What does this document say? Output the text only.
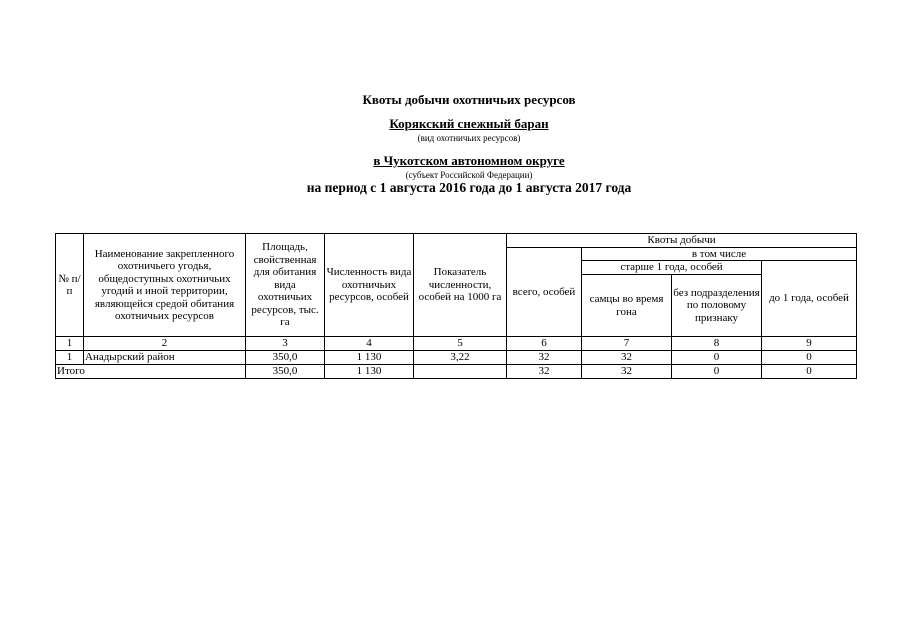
Квоты добычи охотничьих ресурсов
Корякский снежный баран
(вид охотничьих ресурсов)
в Чукотском автономном округе
(субъект Российской Федерации)
на период с 1 августа 2016 года до 1 августа 2017 года
№ п/п	Наименование закрепленного охотничьего угодья, общедоступных охотничьих угодий и иной территории, являющейся средой обитания охотничьих ресурсов	Площадь, свойственная для обитания вида охотничьих ресурсов, тыс. га	Численность вида охотничьих ресурсов, особей	Показатель численности, особей на 1000 га	Квоты добычи			
					всего, особей	в том числе		
						старше 1 года, особей		до 1 года, особей
						самцы во время гона	без подразделения по половому признаку	
1	2	3	4	5	6	7	8	9
1	Анадырский район	350,0	1 130	3,22	32	32	0	0
Итого		350,0	1 130		32	32	0	0
